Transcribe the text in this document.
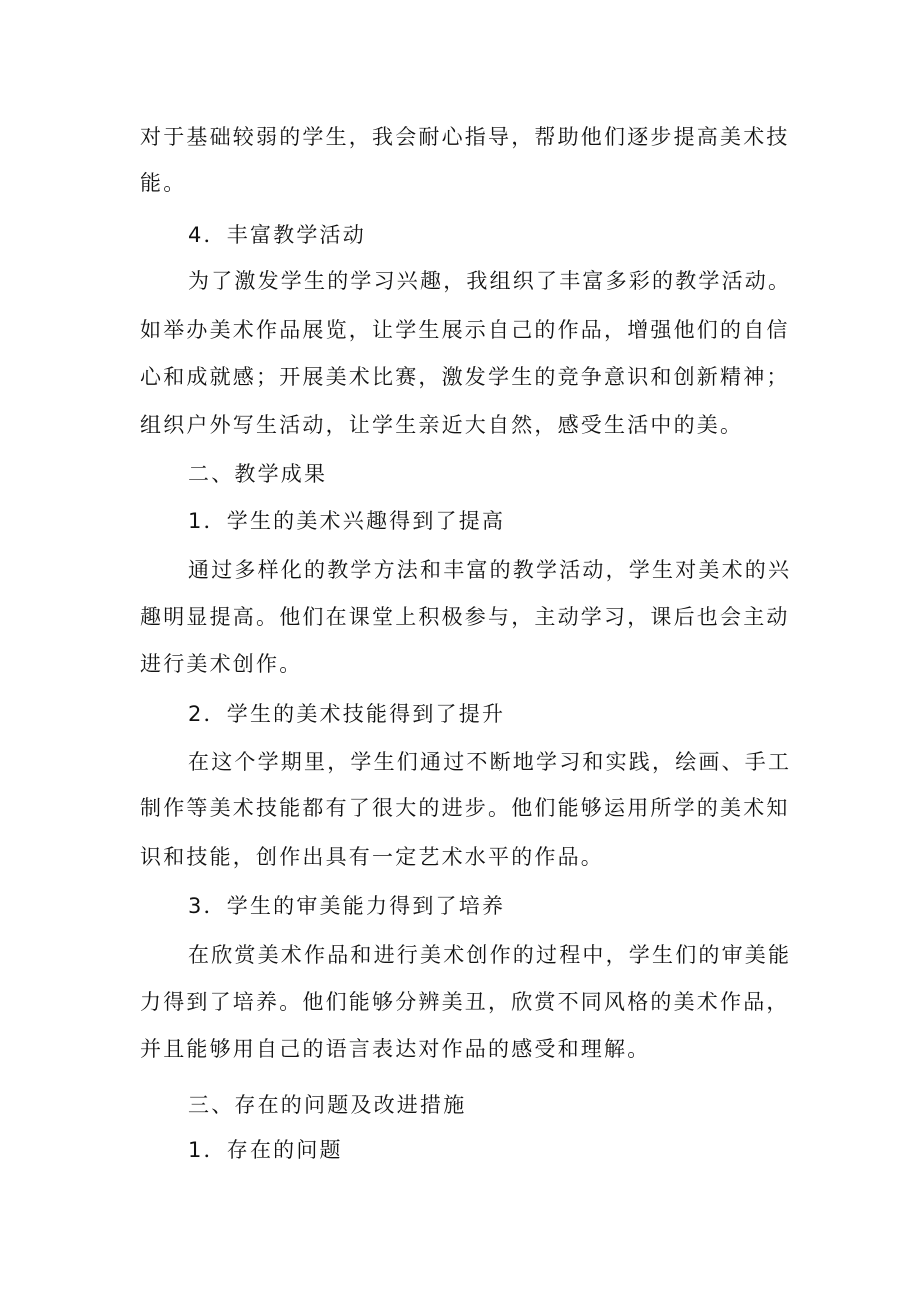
对于基础较弱的学生，我会耐心指导，帮助他们逐步提高美术技
能。
4．丰富教学活动
为了激发学生的学习兴趣，我组织了丰富多彩的教学活动。
如举办美术作品展览，让学生展示自己的作品，增强他们的自信
心和成就感；开展美术比赛，激发学生的竞争意识和创新精神；
组织户外写生活动，让学生亲近大自然，感受生活中的美。
二、教学成果
1．学生的美术兴趣得到了提高
通过多样化的教学方法和丰富的教学活动，学生对美术的兴
趣明显提高。他们在课堂上积极参与，主动学习，课后也会主动
进行美术创作。
2．学生的美术技能得到了提升
在这个学期里，学生们通过不断地学习和实践，绘画、手工
制作等美术技能都有了很大的进步。他们能够运用所学的美术知
识和技能，创作出具有一定艺术水平的作品。
3．学生的审美能力得到了培养
在欣赏美术作品和进行美术创作的过程中，学生们的审美能
力得到了培养。他们能够分辨美丑，欣赏不同风格的美术作品，
并且能够用自己的语言表达对作品的感受和理解。
三、存在的问题及改进措施
1．存在的问题
